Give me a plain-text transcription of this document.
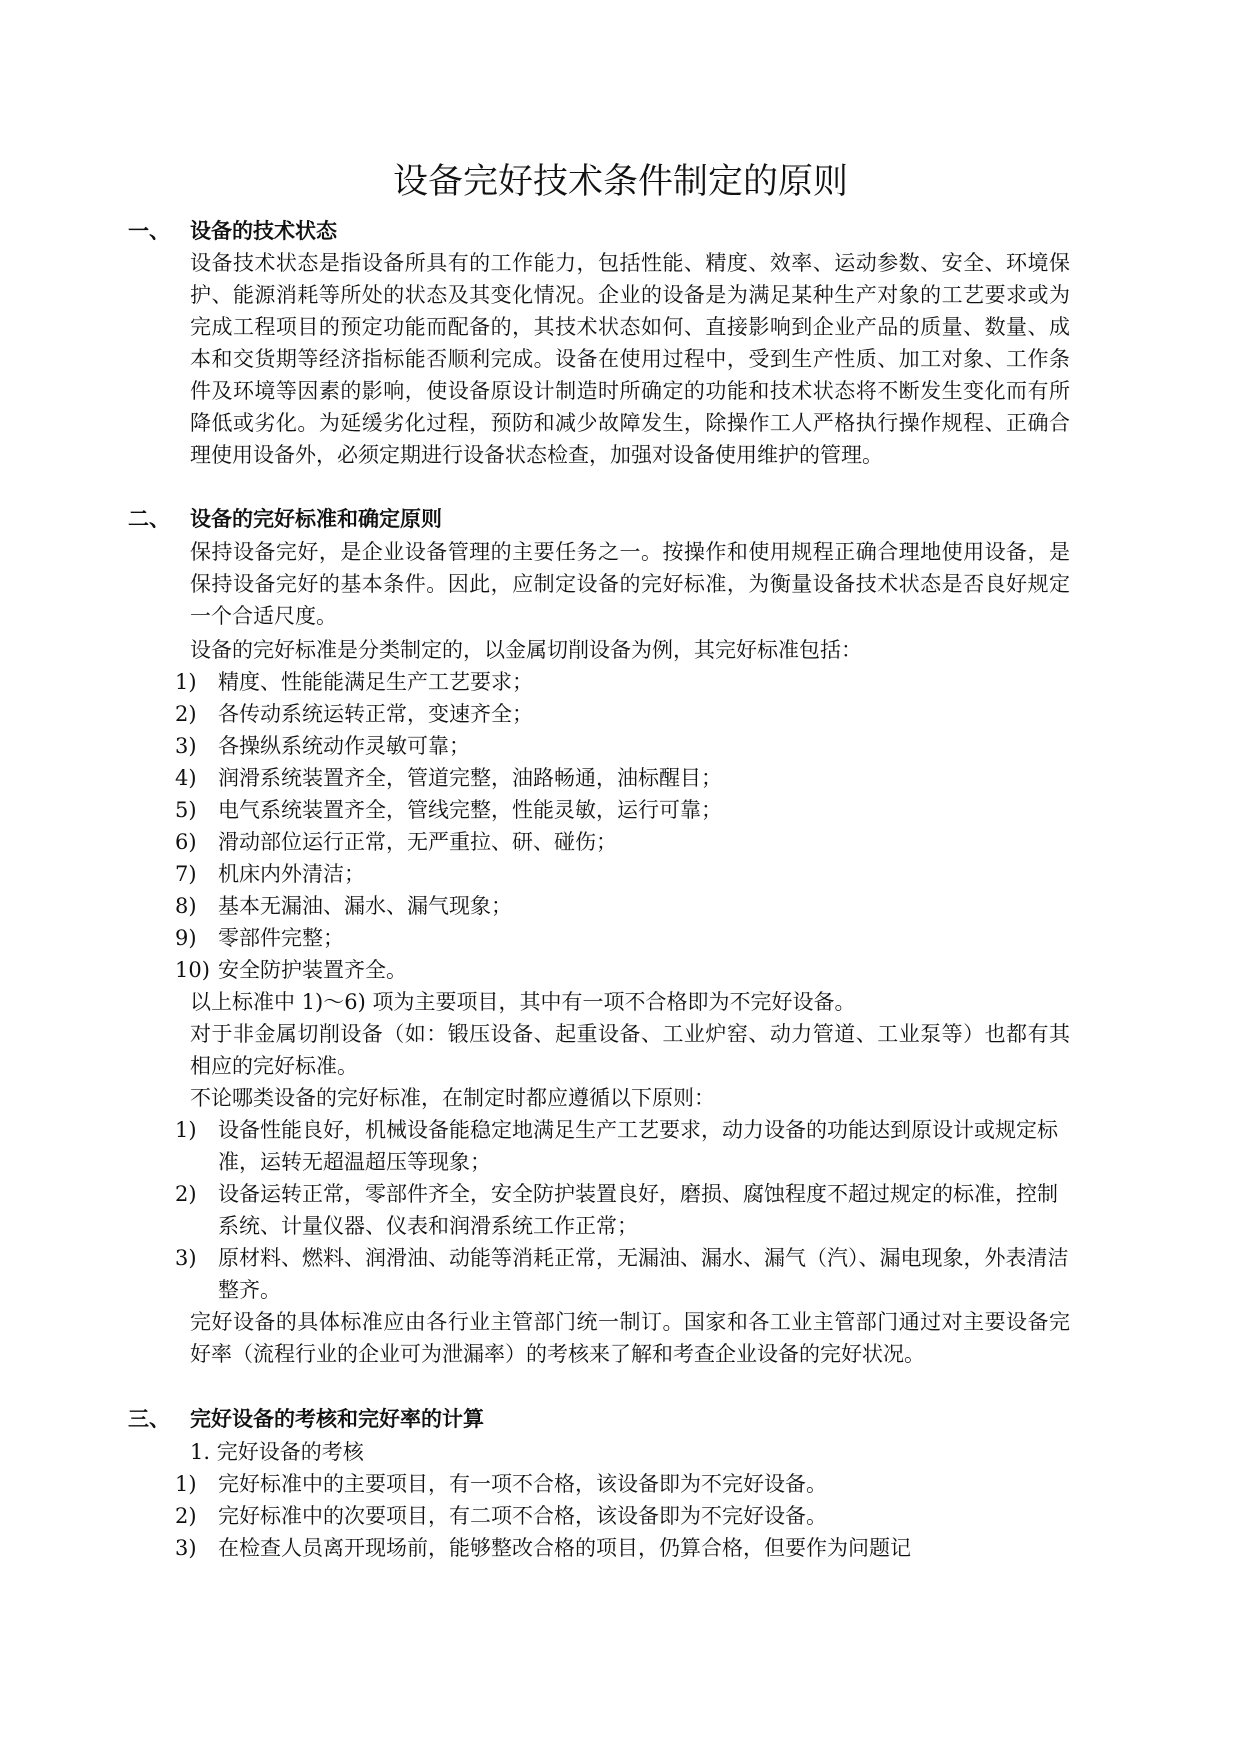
设备完好技术条件制定的原则
一、 设备的技术状态
设备技术状态是指设备所具有的工作能力，包括性能、精度、效率、运动参数、安全、环境保护、能源消耗等所处的状态及其变化情况。企业的设备是为满足某种生产对象的工艺要求或为完成工程项目的预定功能而配备的，其技术状态如何、直接影响到企业产品的质量、数量、成本和交货期等经济指标能否顺利完成。设备在使用过程中，受到生产性质、加工对象、工作条件及环境等因素的影响，使设备原设计制造时所确定的功能和技术状态将不断发生变化而有所降低或劣化。为延缓劣化过程，预防和减少故障发生，除操作工人严格执行操作规程、正确合理使用设备外，必须定期进行设备状态检查，加强对设备使用维护的管理。
二、 设备的完好标准和确定原则
保持设备完好，是企业设备管理的主要任务之一。按操作和使用规程正确合理地使用设备，是保持设备完好的基本条件。因此，应制定设备的完好标准，为衡量设备技术状态是否良好规定一个合适尺度。
设备的完好标准是分类制定的，以金属切削设备为例，其完好标准包括：
1) 精度、性能能满足生产工艺要求；
2) 各传动系统运转正常，变速齐全；
3) 各操纵系统动作灵敏可靠；
4) 润滑系统装置齐全，管道完整，油路畅通，油标醒目；
5) 电气系统装置齐全，管线完整，性能灵敏，运行可靠；
6) 滑动部位运行正常，无严重拉、研、碰伤；
7) 机床内外清洁；
8) 基本无漏油、漏水、漏气现象；
9) 零部件完整；
10) 安全防护装置齐全。
以上标准中 1)～6) 项为主要项目，其中有一项不合格即为不完好设备。
对于非金属切削设备（如：锻压设备、起重设备、工业炉窑、动力管道、工业泵等）也都有其相应的完好标准。
不论哪类设备的完好标准，在制定时都应遵循以下原则：
1) 设备性能良好，机械设备能稳定地满足生产工艺要求，动力设备的功能达到原设计或规定标准，运转无超温超压等现象；
2) 设备运转正常，零部件齐全，安全防护装置良好，磨损、腐蚀程度不超过规定的标准，控制系统、计量仪器、仪表和润滑系统工作正常；
3) 原材料、燃料、润滑油、动能等消耗正常，无漏油、漏水、漏气（汽）、漏电现象，外表清洁整齐。
完好设备的具体标准应由各行业主管部门统一制订。国家和各工业主管部门通过对主要设备完好率（流程行业的企业可为泄漏率）的考核来了解和考查企业设备的完好状况。
三、 完好设备的考核和完好率的计算
1. 完好设备的考核
1) 完好标准中的主要项目，有一项不合格，该设备即为不完好设备。
2) 完好标准中的次要项目，有二项不合格，该设备即为不完好设备。
3) 在检查人员离开现场前，能够整改合格的项目，仍算合格，但要作为问题记
